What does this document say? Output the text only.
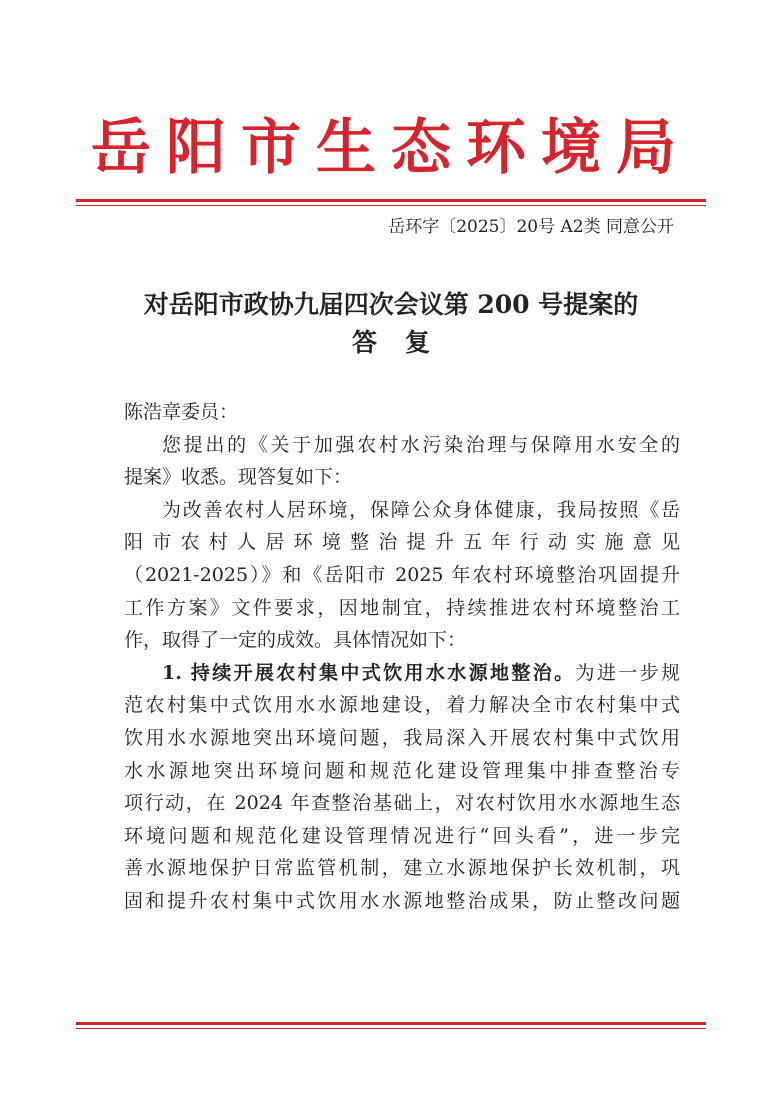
岳阳市生态环境局
岳环字〔2025〕20号 A2类 同意公开
对岳阳市政协九届四次会议第 200 号提案的
答复

陈浩章委员：

您提出的《关于加强农村水污染治理与保障用水安全的

提案》收悉。现答复如下：

为改善农村人居环境，保障公众身体健康，我局按照《岳

阳市农村人居环境整治提升五年行动实施意见

（2021-2025）》和《岳阳市 2025 年农村环境整治巩固提升

工作方案》文件要求，因地制宜，持续推进农村环境整治工

作，取得了一定的成效。具体情况如下：

1. 持续开展农村集中式饮用水水源地整治。为进一步规

范农村集中式饮用水水源地建设，着力解决全市农村集中式

饮用水水源地突出环境问题，我局深入开展农村集中式饮用

水水源地突出环境问题和规范化建设管理集中排查整治专

项行动，在 2024 年查整治基础上，对农村饮用水水源地生态

环境问题和规范化建设管理情况进行“回头看”，进一步完

善水源地保护日常监管机制，建立水源地保护长效机制，巩

固和提升农村集中式饮用水水源地整治成果，防止整改问题
